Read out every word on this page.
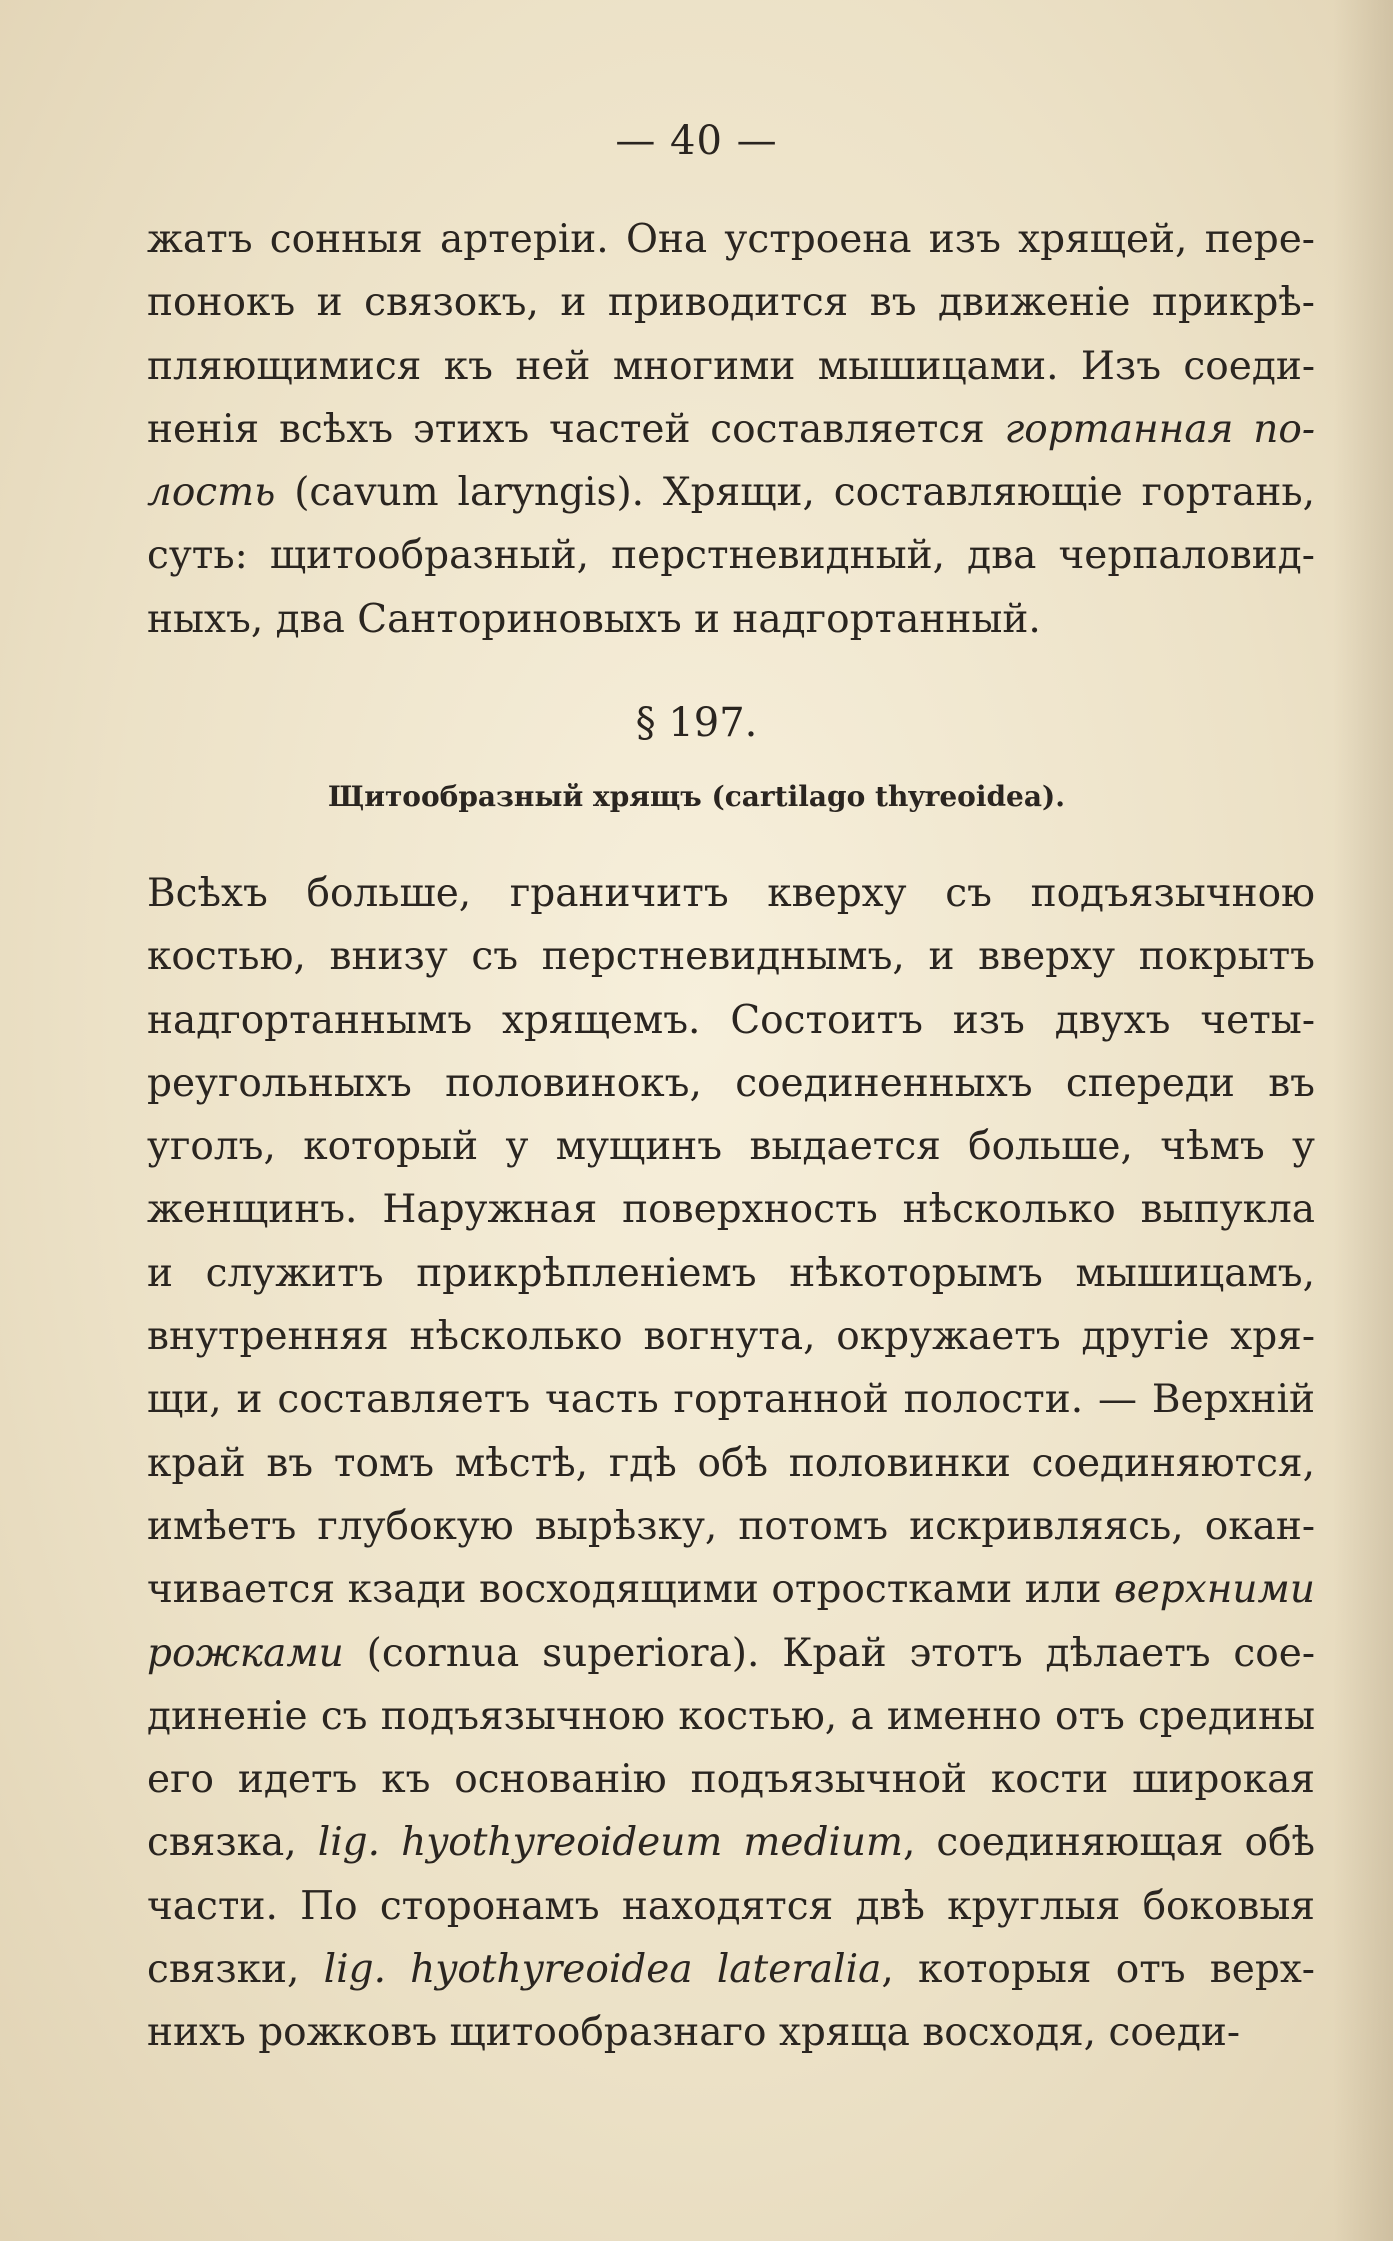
— 40 —
жатъ сонныя артеріи. Она устроена изъ хрящей, пере-
понокъ и связокъ, и приводится въ движеніе прикрѣ-
пляющимися къ ней многими мышицами. Изъ соеди-
ненія всѣхъ этихъ частей составляется гортанная по-
лость (cavum laryngis). Хрящи, составляющіе гортань,
суть: щитообразный, перстневидный, два черпаловид-
ныхъ, два Санториновыхъ и надгортанный.
§ 197.
Щитообразный хрящъ (cartilago thyreoidea).
Всѣхъ больше, граничитъ кверху съ подъязычною
костью, внизу съ перстневиднымъ, и вверху покрытъ
надгортаннымъ хрящемъ. Состоитъ изъ двухъ четы-
реугольныхъ половинокъ, соединенныхъ спереди въ
уголъ, который у мущинъ выдается больше, чѣмъ у
женщинъ. Наружная поверхность нѣсколько выпукла
и служитъ прикрѣпленіемъ нѣкоторымъ мышицамъ,
внутренняя нѣсколько вогнута, окружаетъ другіе хря-
щи, и составляетъ часть гортанной полости. — Верхній
край въ томъ мѣстѣ, гдѣ обѣ половинки соединяются,
имѣетъ глубокую вырѣзку, потомъ искривляясь, окан-
чивается кзади восходящими отростками или верхними
рожками (cornua superiora). Край этотъ дѣлаетъ сое-
диненіе съ подъязычною костью, а именно отъ средины
его идетъ къ основанію подъязычной кости широкая
связка, lig. hyothyreoideum medium, соединяющая обѣ
части. По сторонамъ находятся двѣ круглыя боковыя
связки, lig. hyothyreoidea lateralia, которыя отъ верх-
нихъ рожковъ щитообразнаго хряща восходя, соеди-
